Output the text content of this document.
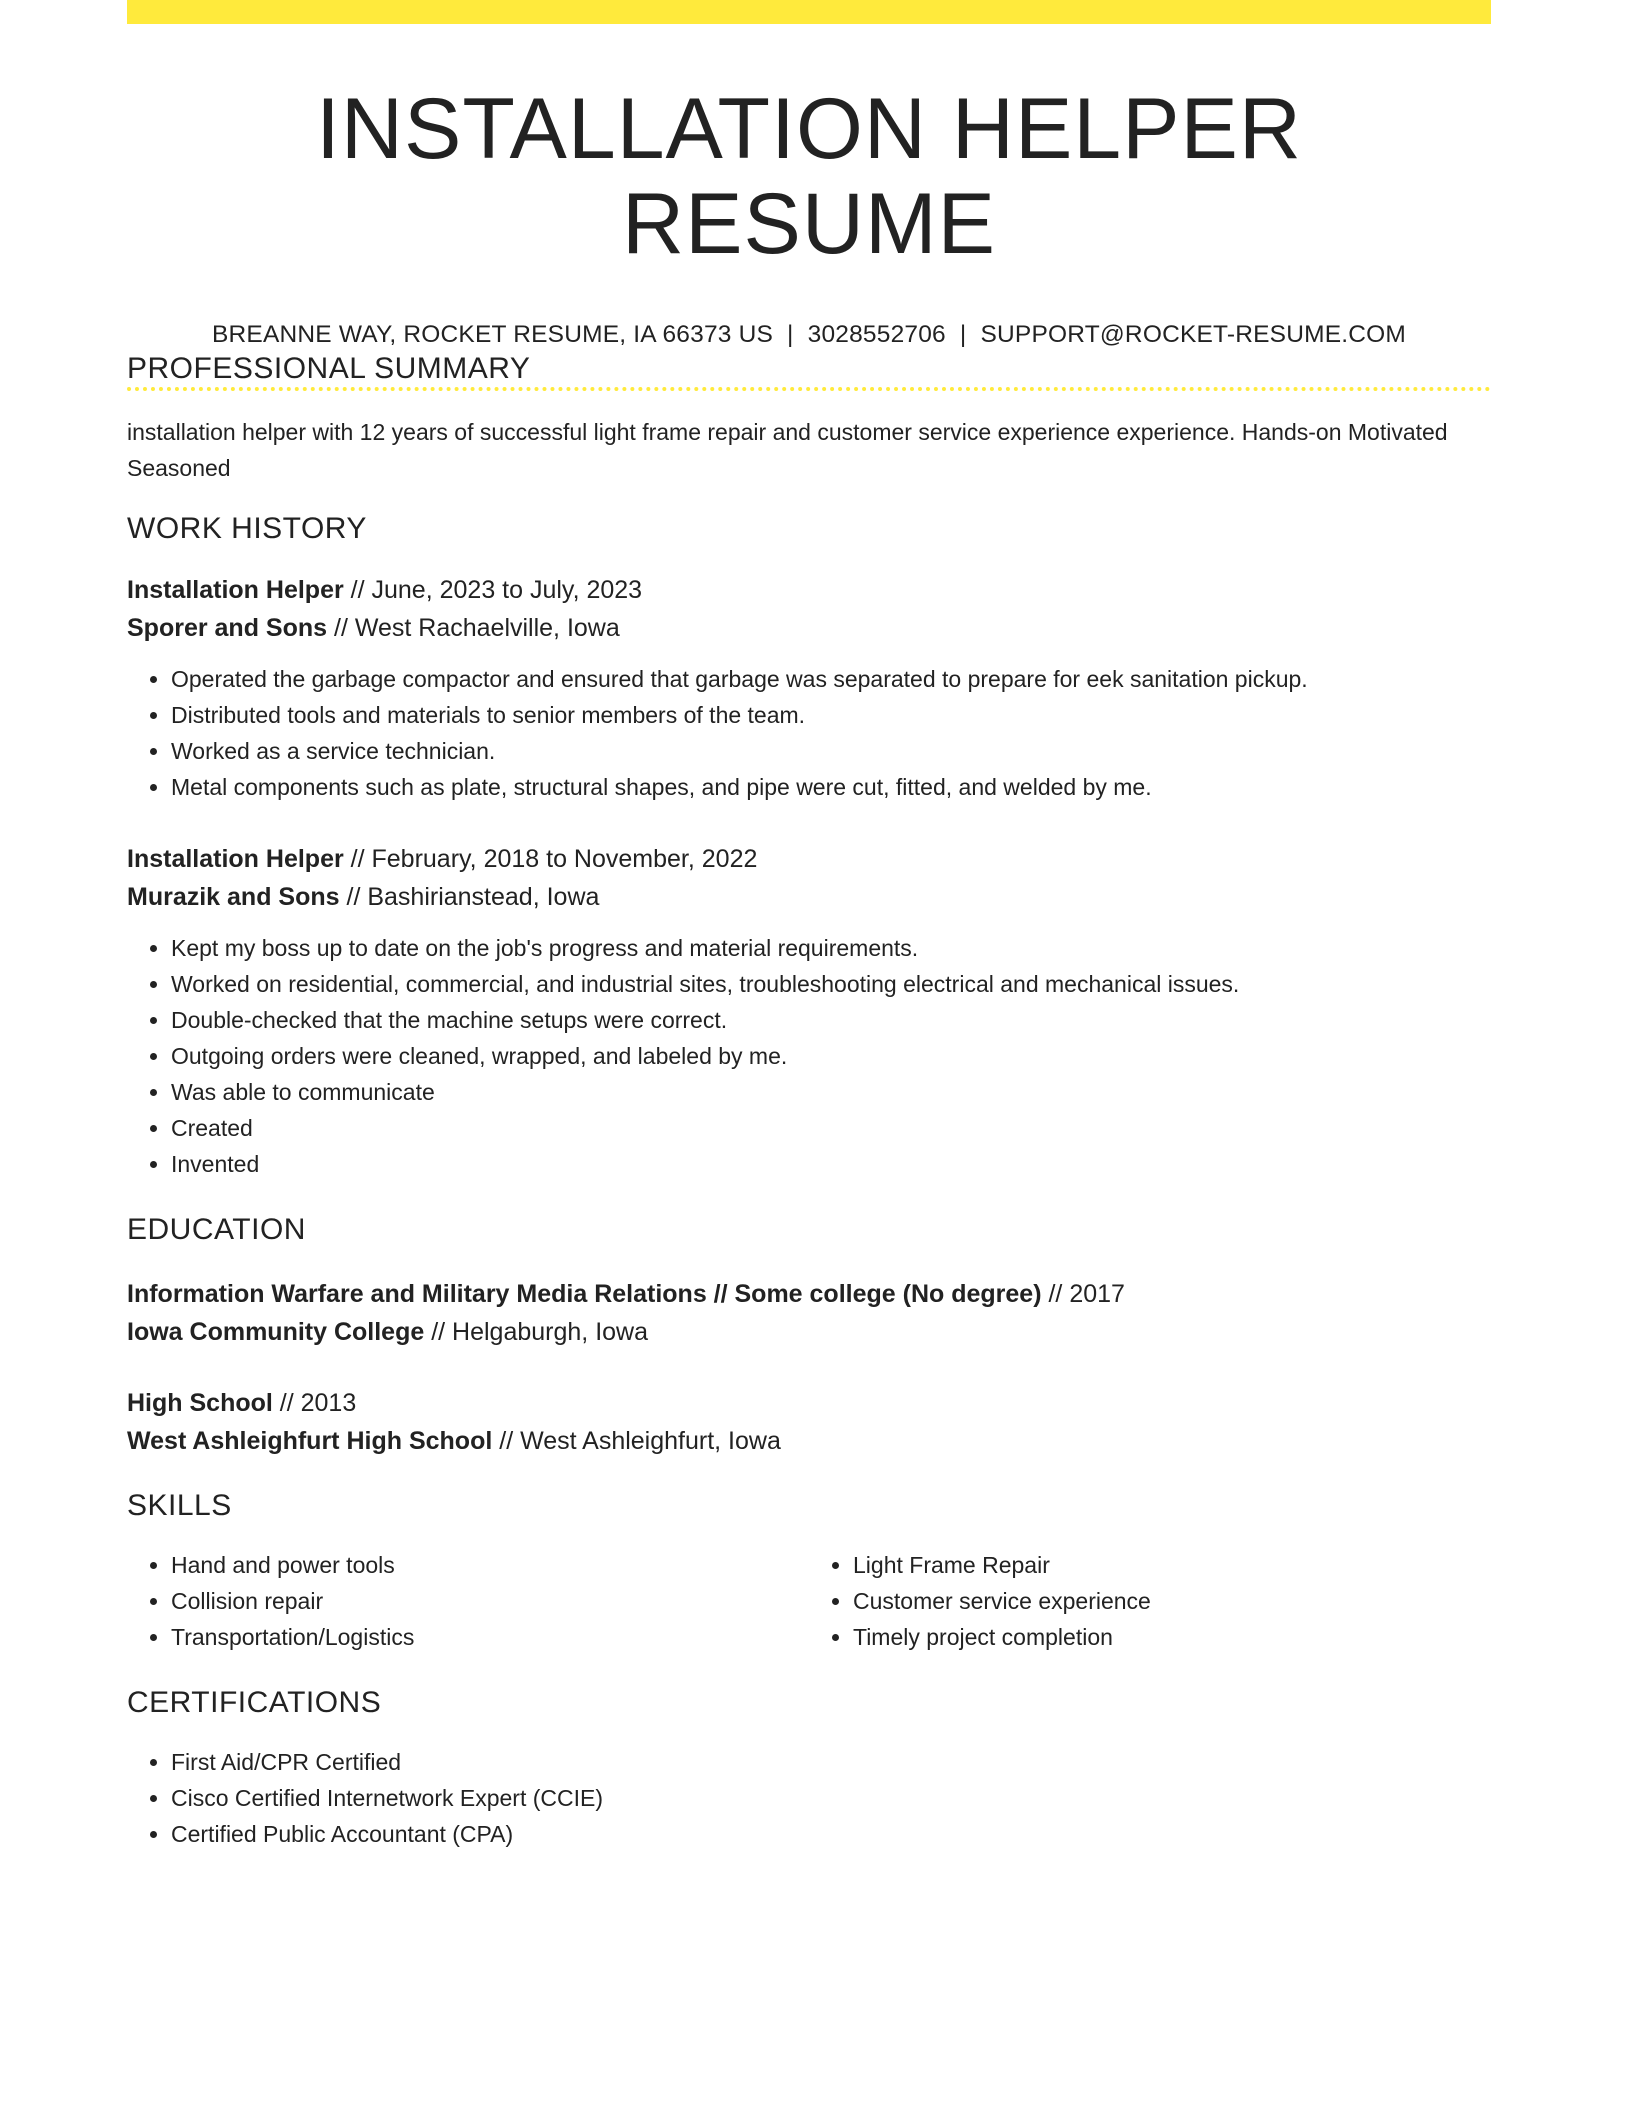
INSTALLATION HELPER RESUME
BREANNE WAY, ROCKET RESUME, IA 66373 US | 3028552706 | SUPPORT@ROCKET-RESUME.COM
PROFESSIONAL SUMMARY
installation helper with 12 years of successful light frame repair and customer service experience experience. Hands-on Motivated Seasoned
WORK HISTORY
Installation Helper // June, 2023 to July, 2023
Sporer and Sons // West Rachaelville, Iowa
• Operated the garbage compactor and ensured that garbage was separated to prepare for eek sanitation pickup.
• Distributed tools and materials to senior members of the team.
• Worked as a service technician.
• Metal components such as plate, structural shapes, and pipe were cut, fitted, and welded by me.
Installation Helper // February, 2018 to November, 2022
Murazik and Sons // Bashirianstead, Iowa
• Kept my boss up to date on the job's progress and material requirements.
• Worked on residential, commercial, and industrial sites, troubleshooting electrical and mechanical issues.
• Double-checked that the machine setups were correct.
• Outgoing orders were cleaned, wrapped, and labeled by me.
• Was able to communicate
• Created
• Invented
EDUCATION
Information Warfare and Military Media Relations // Some college (No degree) // 2017
Iowa Community College // Helgaburgh, Iowa
High School // 2013
West Ashleighfurt High School // West Ashleighfurt, Iowa
SKILLS
• Hand and power tools
• Collision repair
• Transportation/Logistics
• Light Frame Repair
• Customer service experience
• Timely project completion
CERTIFICATIONS
• First Aid/CPR Certified
• Cisco Certified Internetwork Expert (CCIE)
• Certified Public Accountant (CPA)
